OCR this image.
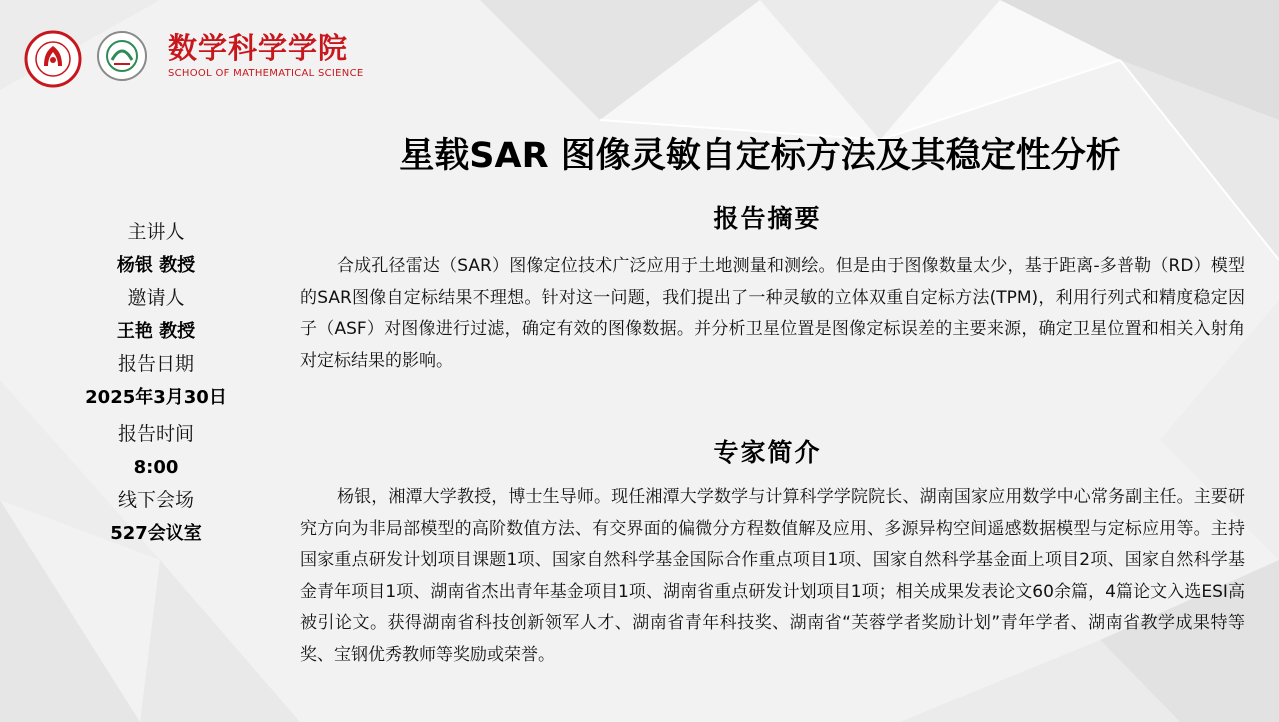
数学科学学院
SCHOOL OF MATHEMATICAL SCIENCE
星载SAR 图像灵敏自定标方法及其稳定性分析
主讲人
杨银 教授
邀请人
王艳 教授
报告日期
2025年3月30日
报告时间
8:00
线下会场
527会议室
报告摘要
合成孔径雷达（SAR）图像定位技术广泛应用于土地测量和测绘。但是由于图像数量太少，基于距离-多普勒（RD）模型的SAR图像自定标结果不理想。针对这一问题，我们提出了一种灵敏的立体双重自定标方法(TPM)，利用行列式和精度稳定因子（ASF）对图像进行过滤，确定有效的图像数据。并分析卫星位置是图像定标误差的主要来源，确定卫星位置和相关入射角对定标结果的影响。
专家简介
杨银，湘潭大学教授，博士生导师。现任湘潭大学数学与计算科学学院院长、湖南国家应用数学中心常务副主任。主要研究方向为非局部模型的高阶数值方法、有交界面的偏微分方程数值解及应用、多源异构空间遥感数据模型与定标应用等。主持国家重点研发计划项目课题1项、国家自然科学基金国际合作重点项目1项、国家自然科学基金面上项目2项、国家自然科学基金青年项目1项、湖南省杰出青年基金项目1项、湖南省重点研发计划项目1项；相关成果发表论文60余篇，4篇论文入选ESI高被引论文。获得湖南省科技创新领军人才、湖南省青年科技奖、湖南省“芙蓉学者奖励计划”青年学者、湖南省教学成果特等奖、宝钢优秀教师等奖励或荣誉。
